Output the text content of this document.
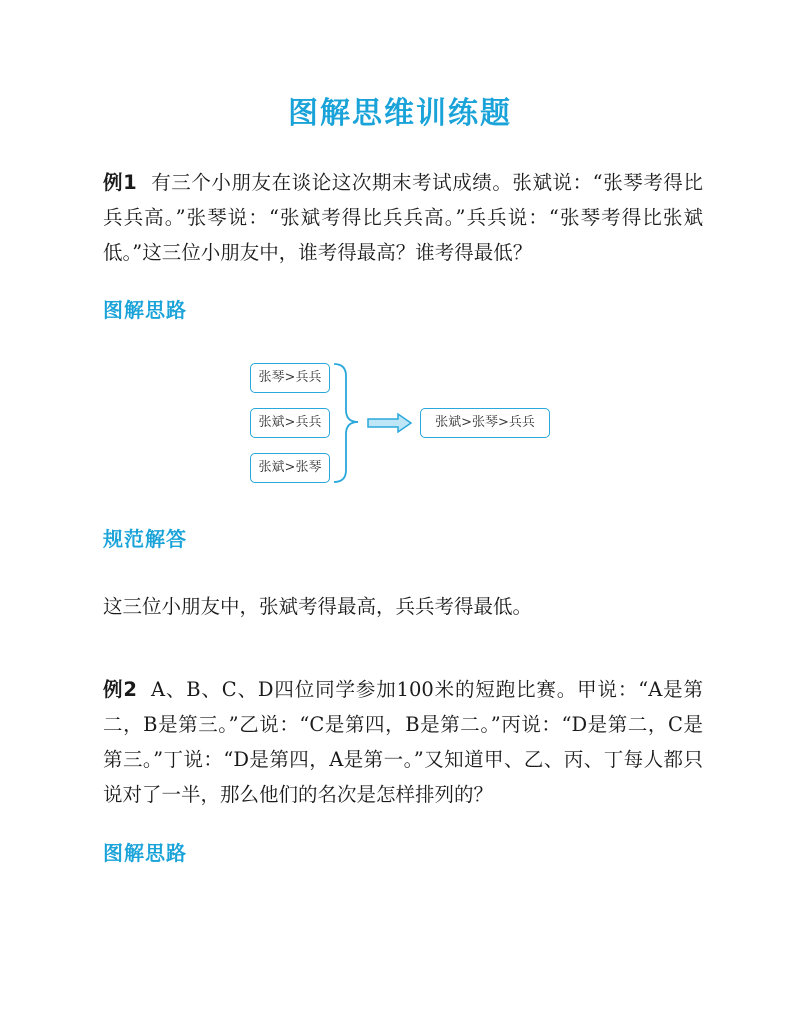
图解思维训练题

例1 有三个小朋友在谈论这次期末考试成绩。张斌说：“张琴考得比兵兵高。”张琴说：“张斌考得比兵兵高。”兵兵说：“张琴考得比张斌低。”这三位小朋友中，谁考得最高？谁考得最低？

图解思路
张琴>兵兵
张斌>兵兵
张斌>张琴
张斌>张琴>兵兵
规范解答

这三位小朋友中，张斌考得最高，兵兵考得最低。

例2 A、B、C、D四位同学参加100米的短跑比赛。甲说：“A是第二，B是第三。”乙说：“C是第四，B是第二。”丙说：“D是第二，C是第三。”丁说：“D是第四，A是第一。”又知道甲、乙、丙、丁每人都只说对了一半，那么他们的名次是怎样排列的？

图解思路
